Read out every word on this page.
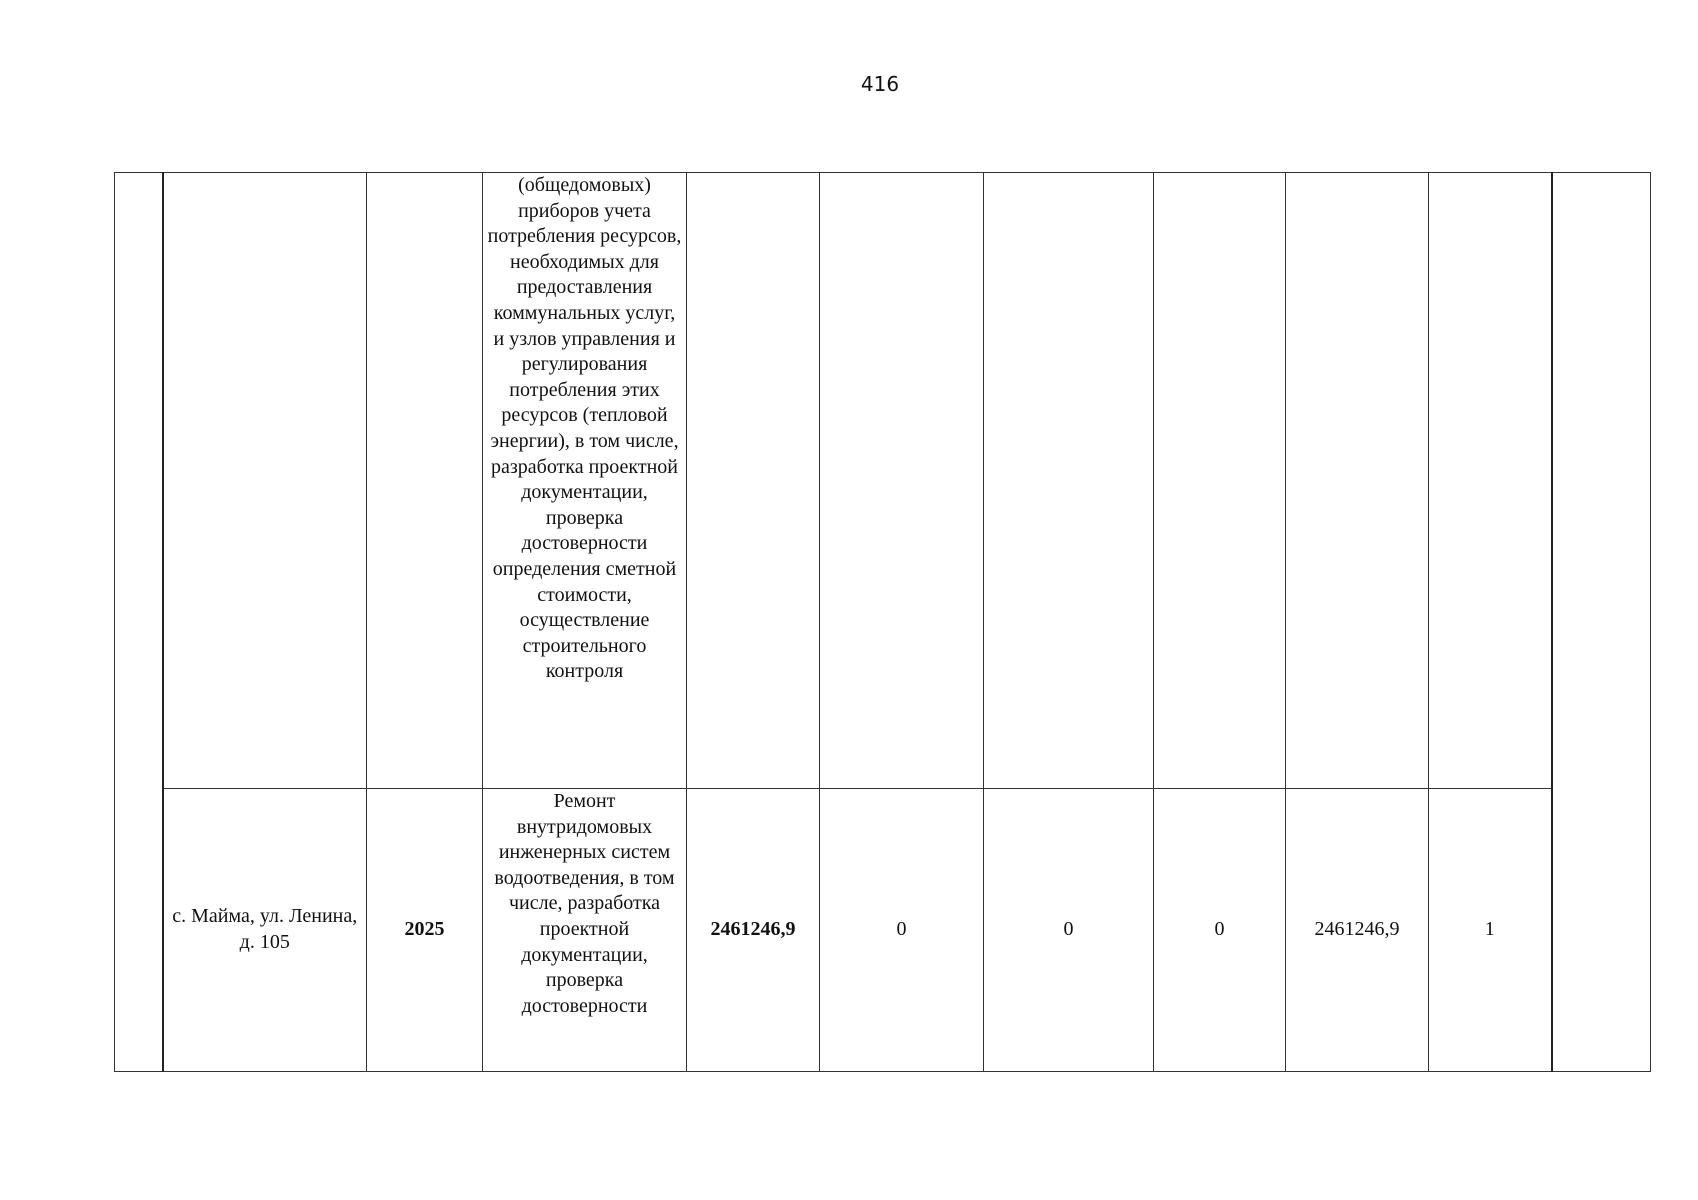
416
			(общедомовых) приборов учета потребления ресурсов, необходимых для предоставления коммунальных услуг, и узлов управления и регулирования потребления этих ресурсов (тепловой энергии), в том числе, разработка проектной документации, проверка достоверности определения сметной стоимости, осуществление строительного контроля							
	с. Майма, ул. Ленина, д. 105	2025	Ремонт внутридомовых инженерных систем водоотведения, в том числе, разработка проектной документации, проверка достоверности	2461246,9	0	0	0	2461246,9	1	
